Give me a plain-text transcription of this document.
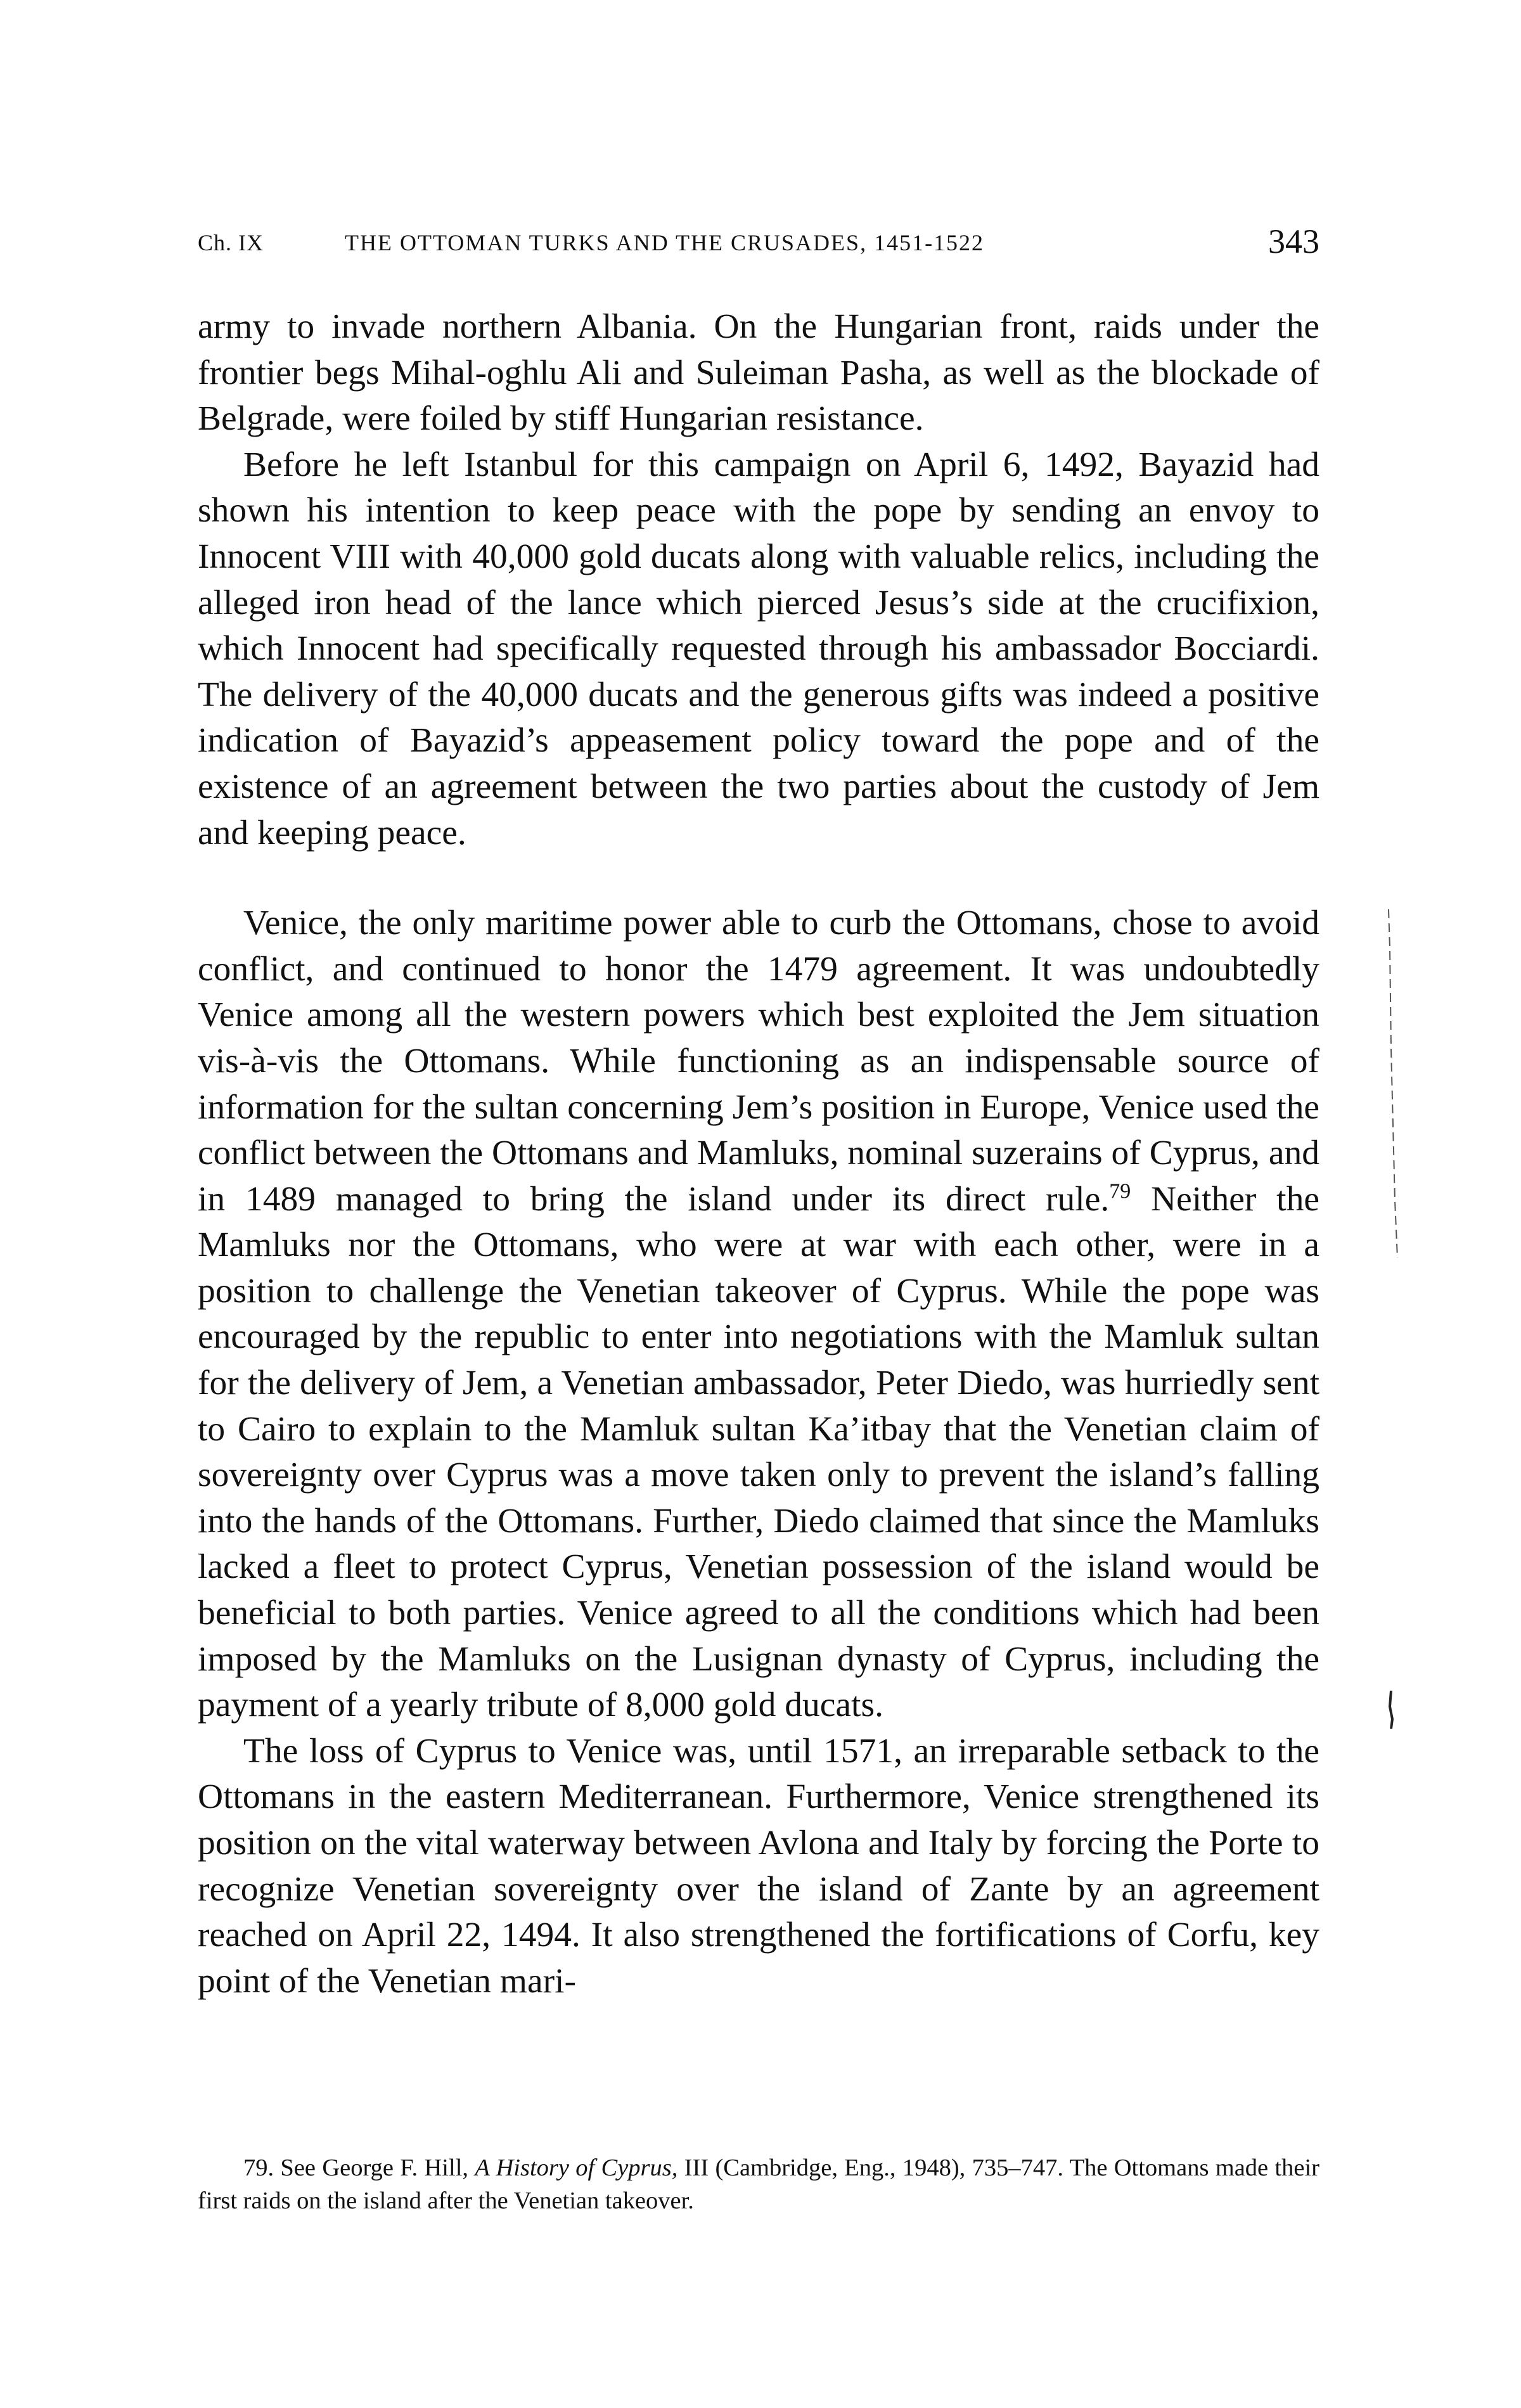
Ch. IX	THE OTTOMAN TURKS AND THE CRUSADES, 1451-1522	343

army to invade northern Albania. On the Hungarian front, raids under the frontier begs Mihal-oghlu Ali and Suleiman Pasha, as well as the blockade of Belgrade, were foiled by stiff Hungarian resistance.

Before he left Istanbul for this campaign on April 6, 1492, Bayazid had shown his intention to keep peace with the pope by sending an envoy to Innocent VIII with 40,000 gold ducats along with valuable relics, including the alleged iron head of the lance which pierced Jesus’s side at the crucifixion, which Innocent had specifically requested through his ambassador Bocciardi. The delivery of the 40,000 ducats and the generous gifts was indeed a positive indication of Bayazid’s appeasement policy toward the pope and of the existence of an agreement between the two parties about the custody of Jem and keeping peace.

Venice, the only maritime power able to curb the Ottomans, chose to avoid conflict, and continued to honor the 1479 agreement. It was undoubtedly Venice among all the western powers which best exploited the Jem situation vis-à-vis the Ottomans. While functioning as an indispensable source of information for the sultan concerning Jem’s position in Europe, Venice used the conflict between the Ottomans and Mamluks, nominal suzerains of Cyprus, and in 1489 managed to bring the island under its direct rule.$^{79}$ Neither the Mamluks nor the Ottomans, who were at war with each other, were in a position to challenge the Venetian takeover of Cyprus. While the pope was encouraged by the republic to enter into negotiations with the Mamluk sultan for the delivery of Jem, a Venetian ambassador, Peter Diedo, was hurriedly sent to Cairo to explain to the Mamluk sultan Ka’itbay that the Venetian claim of sovereignty over Cyprus was a move taken only to prevent the island’s falling into the hands of the Ottomans. Further, Diedo claimed that since the Mamluks lacked a fleet to protect Cyprus, Venetian possession of the island would be beneficial to both parties. Venice agreed to all the conditions which had been imposed by the Mamluks on the Lusignan dynasty of Cyprus, including the payment of a yearly tribute of 8,000 gold ducats.

The loss of Cyprus to Venice was, until 1571, an irreparable setback to the Ottomans in the eastern Mediterranean. Furthermore, Venice strengthened its position on the vital waterway between Avlona and Italy by forcing the Porte to recognize Venetian sovereignty over the island of Zante by an agreement reached on April 22, 1494. It also strengthened the fortifications of Corfu, key point of the Venetian mari-

79. See George F. Hill, A History of Cyprus, III (Cambridge, Eng., 1948), 735–747. The Ottomans made their first raids on the island after the Venetian takeover.
